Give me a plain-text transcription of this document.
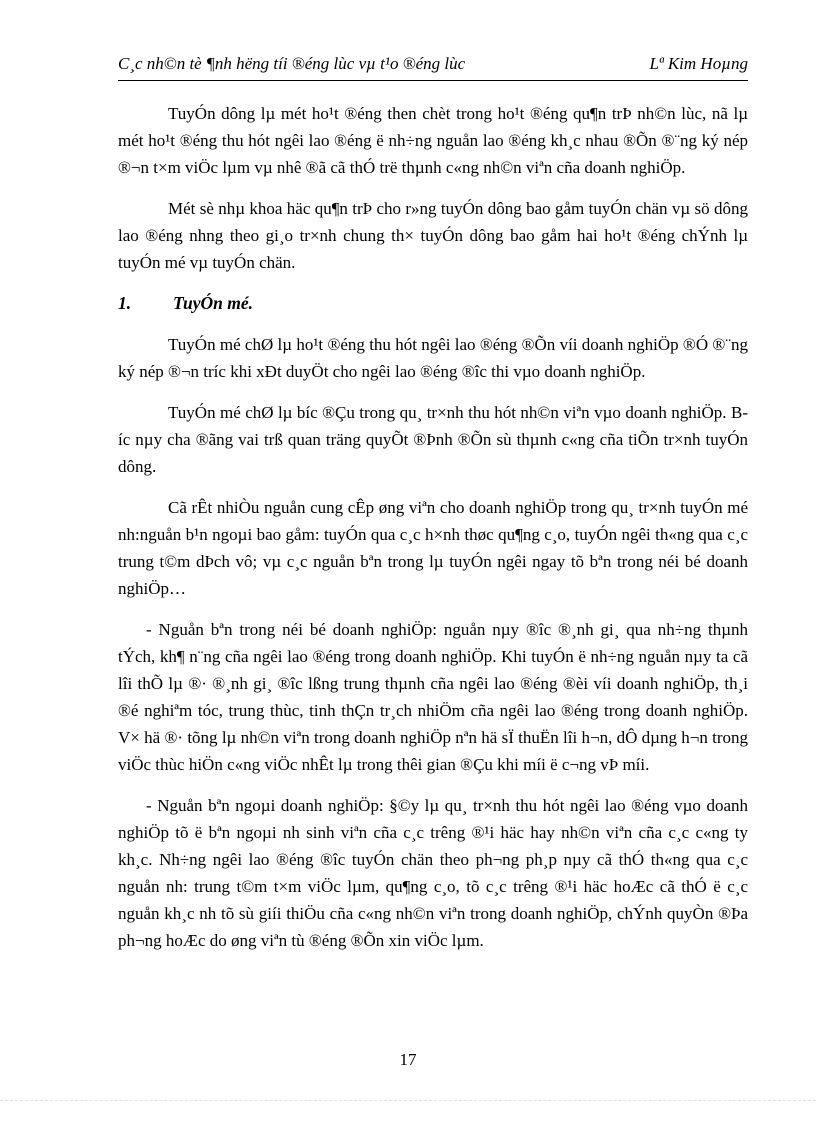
C¸c nh©n tè ¶nh hëng tíi ®éng lùc vµ t¹o ®éng lùc	Lª Kim Hoµng

TuyÓn dông lµ mét ho¹t ®éng then chèt trong ho¹t ®éng qu¶n trÞ nh©n lùc, nã lµ mét ho¹t ®éng thu hót ngêi lao ®éng ë nh÷ng nguån lao ®éng kh¸c nhau ®Õn ®¨ng ký nép ®¬n t×m viÖc lµm vµ nhê ®ã cã thÓ trë thµnh c«ng nh©n viªn cña doanh nghiÖp.

Mét sè nhµ khoa häc qu¶n trÞ cho r»ng tuyÓn dông bao gåm tuyÓn chän vµ sö dông lao ®éng nhng theo gi¸o tr×nh chung th× tuyÓn dông bao gåm hai ho¹t ®éng chÝnh lµ tuyÓn mé vµ tuyÓn chän.

1. TuyÓn mé.

TuyÓn mé chØ lµ ho¹t ®éng thu hót ngêi lao ®éng ®Õn víi doanh nghiÖp ®Ó ®¨ng ký nép ®¬n tríc khi xÐt duyÖt cho ngêi lao ®éng ®îc thi vµo doanh nghiÖp.

TuyÓn mé chØ lµ bíc ®Çu trong qu¸ tr×nh thu hót nh©n viªn vµo doanh nghiÖp. Bíc nµy cha ®ãng vai trß quan träng quyÕt ®Þnh ®Õn sù thµnh c«ng cña tiÕn tr×nh tuyÓn dông.

Cã rÊt nhiÒu nguån cung cÊp øng viªn cho doanh nghiÖp trong qu¸ tr×nh tuyÓn mé nh:nguån b¹n ngoµi bao gåm: tuyÓn qua c¸c h×nh thøc qu¶ng c¸o, tuyÓn ngêi th«ng qua c¸c trung t©m dÞch vô; vµ c¸c nguån bªn trong lµ tuyÓn ngêi ngay tõ bªn trong néi bé doanh nghiÖp…

- Nguån bªn trong néi bé doanh nghiÖp: nguån nµy ®îc ®¸nh gi¸ qua nh÷ng thµnh tÝch, kh¶ n¨ng cña ngêi lao ®éng trong doanh nghiÖp. Khi tuyÓn ë nh÷ng nguån nµy ta cã lîi thÕ lµ ®· ®¸nh gi¸ ®îc lßng trung thµnh cña ngêi lao ®éng ®èi víi doanh nghiÖp, th¸i ®é nghiªm tóc, trung thùc, tinh thÇn tr¸ch nhiÖm cña ngêi lao ®éng trong doanh nghiÖp. V× hä ®· tõng lµ nh©n viªn trong doanh nghiÖp nªn hä sÏ thuËn lîi h¬n, dÔ dµng h¬n trong viÖc thùc hiÖn c«ng viÖc nhÊt lµ trong thêi gian ®Çu khi míi ë c¬ng vÞ míi.

- Nguån bªn ngoµi doanh nghiÖp: §©y lµ qu¸ tr×nh thu hót ngêi lao ®éng vµo doanh nghiÖp tõ ë bªn ngoµi nh sinh viªn cña c¸c trêng ®¹i häc hay nh©n viªn cña c¸c c«ng ty kh¸c. Nh÷ng ngêi lao ®éng ®îc tuyÓn chän theo ph¬ng ph¸p nµy cã thÓ th«ng qua c¸c nguån nh: trung t©m t×m viÖc lµm, qu¶ng c¸o, tõ c¸c trêng ®¹i häc hoÆc cã thÓ ë c¸c nguån kh¸c nh tõ sù giíi thiÖu cña c«ng nh©n viªn trong doanh nghiÖp, chÝnh quyÒn ®Þa ph¬ng hoÆc do øng viªn tù ®éng ®Õn xin viÖc lµm.

17
